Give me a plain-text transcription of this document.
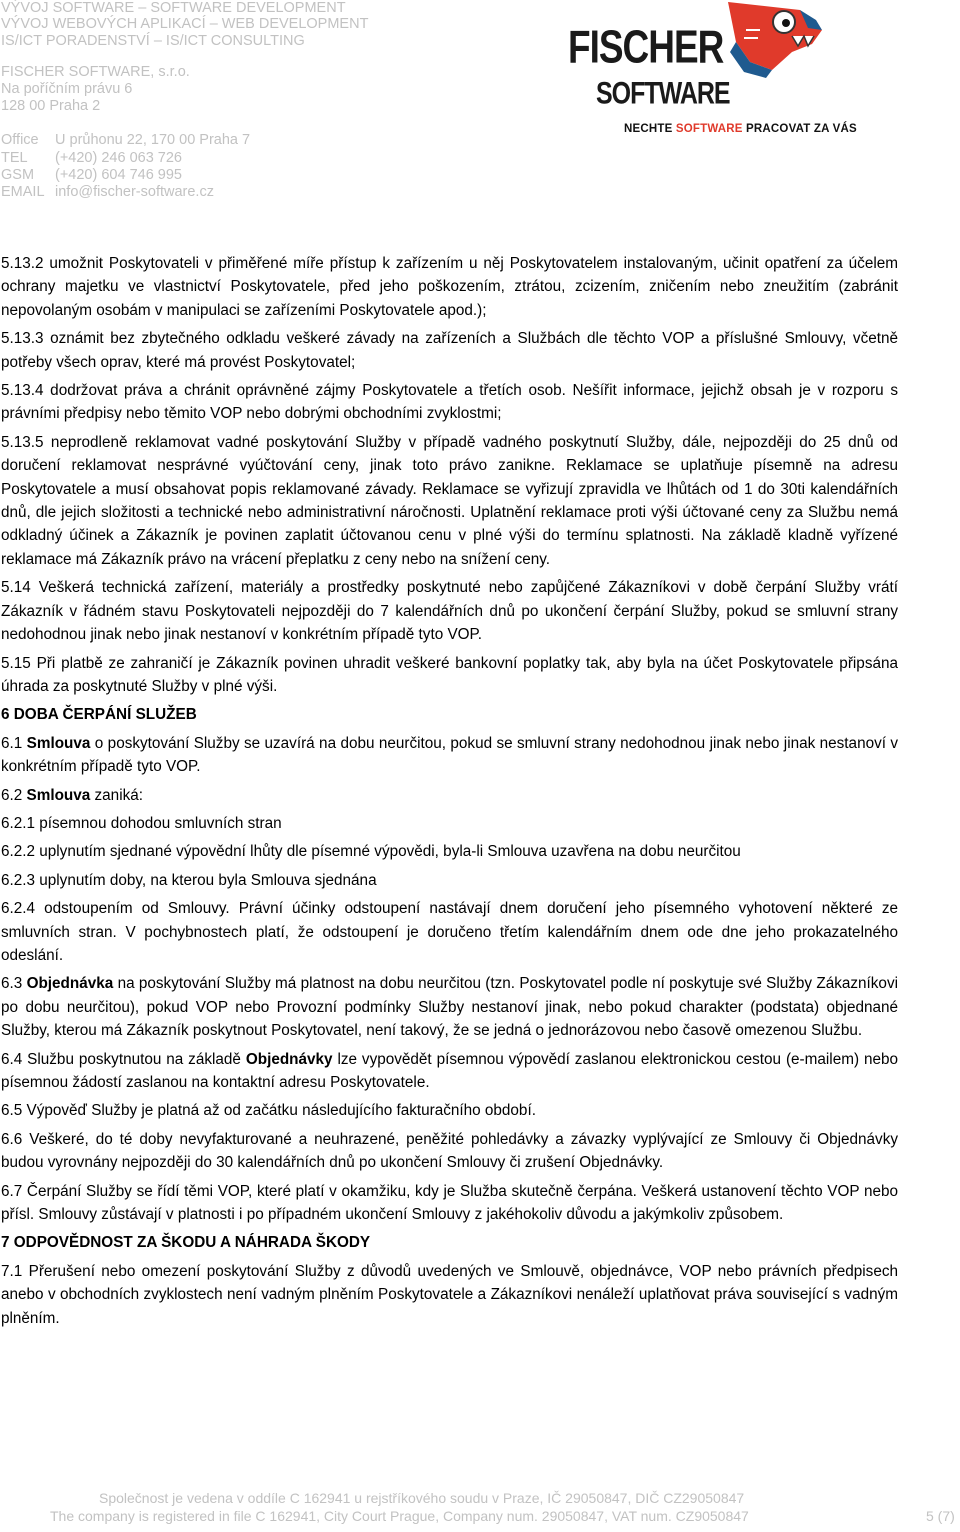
VÝVOJ SOFTWARE – SOFTWARE DEVELOPMENT
VÝVOJ WEBOVÝCH APLIKACÍ – WEB DEVELOPMENT
IS/ICT PORADENSTVÍ – IS/ICT CONSULTING
FISCHER SOFTWARE, s.r.o.
Na poříčním právu 6
128 00 Praha 2
Office	U průhonu 22, 170 00 Praha 7
TEL	(+420) 246 063 726
GSM	(+420) 604 746 995
EMAIL info@fischer-software.cz
FISCHER
SOFTWARE
NECHTE SOFTWARE PRACOVAT ZA VÁS

5.13.2 umožnit Poskytovateli v přiměřené míře přístup k zařízením u něj Poskytovatelem instalovaným, učinit opatření za účelem ochrany majetku ve vlastnictví Poskytovatele, před jeho poškozením, ztrátou, zcizením, zničením nebo zneužitím (zabránit nepovolaným osobám v manipulaci se zařízeními Poskytovatele apod.);

5.13.3 oznámit bez zbytečného odkladu veškeré závady na zařízeních a Službách dle těchto VOP a příslušné Smlouvy, včetně potřeby všech oprav, které má provést Poskytovatel;

5.13.4 dodržovat práva a chránit oprávněné zájmy Poskytovatele a třetích osob. Nešířit informace, jejichž obsah je v rozporu s právními předpisy nebo těmito VOP nebo dobrými obchodními zvyklostmi;

5.13.5 neprodleně reklamovat vadné poskytování Služby v případě vadného poskytnutí Služby, dále, nejpozději do 25 dnů od doručení reklamovat nesprávné vyúčtování ceny, jinak toto právo zanikne. Reklamace se uplatňuje písemně na adresu Poskytovatele a musí obsahovat popis reklamované závady. Reklamace se vyřizují zpravidla ve lhůtách od 1 do 30ti kalendářních dnů, dle jejich složitosti a technické nebo administrativní náročnosti. Uplatnění reklamace proti výši účtované ceny za Službu nemá odkladný účinek a Zákazník je povinen zaplatit účtovanou cenu v plné výši do termínu splatnosti. Na základě kladně vyřízené reklamace má Zákazník právo na vrácení přeplatku z ceny nebo na snížení ceny.

5.14 Veškerá technická zařízení, materiály a prostředky poskytnuté nebo zapůjčené Zákazníkovi v době čerpání Služby vrátí Zákazník v řádném stavu Poskytovateli nejpozději do 7 kalendářních dnů po ukončení čerpání Služby, pokud se smluvní strany nedohodnou jinak nebo jinak nestanoví v konkrétním případě tyto VOP.

5.15 Při platbě ze zahraničí je Zákazník povinen uhradit veškeré bankovní poplatky tak, aby byla na účet Poskytovatele připsána úhrada za poskytnuté Služby v plné výši.

6 DOBA ČERPÁNÍ SLUŽEB

6.1 Smlouva o poskytování Služby se uzavírá na dobu neurčitou, pokud se smluvní strany nedohodnou jinak nebo jinak nestanoví v konkrétním případě tyto VOP.

6.2 Smlouva zaniká:

6.2.1 písemnou dohodou smluvních stran

6.2.2 uplynutím sjednané výpovědní lhůty dle písemné výpovědi, byla-li Smlouva uzavřena na dobu neurčitou

6.2.3 uplynutím doby, na kterou byla Smlouva sjednána

6.2.4 odstoupením od Smlouvy. Právní účinky odstoupení nastávají dnem doručení jeho písemného vyhotovení některé ze smluvních stran. V pochybnostech platí, že odstoupení je doručeno třetím kalendářním dnem ode dne jeho prokazatelného odeslání.

6.3 Objednávka na poskytování Služby má platnost na dobu neurčitou (tzn. Poskytovatel podle ní poskytuje své Služby Zákazníkovi po dobu neurčitou), pokud VOP nebo Provozní podmínky Služby nestanoví jinak, nebo pokud charakter (podstata) objednané Služby, kterou má Zákazník poskytnout Poskytovatel, není takový, že se jedná o jednorázovou nebo časově omezenou Službu.

6.4 Službu poskytnutou na základě Objednávky lze vypovědět písemnou výpovědí zaslanou elektronickou cestou (e-mailem) nebo písemnou žádostí zaslanou na kontaktní adresu Poskytovatele.

6.5 Výpověď Služby je platná až od začátku následujícího fakturačního období.

6.6 Veškeré, do té doby nevyfakturované a neuhrazené, peněžité pohledávky a závazky vyplývající ze Smlouvy či Objednávky budou vyrovnány nejpozději do 30 kalendářních dnů po ukončení Smlouvy či zrušení Objednávky.

6.7 Čerpání Služby se řídí těmi VOP, které platí v okamžiku, kdy je Služba skutečně čerpána. Veškerá ustanovení těchto VOP nebo přísl. Smlouvy zůstávají v platnosti i po případném ukončení Smlouvy z jakéhokoliv důvodu a jakýmkoliv způsobem.

7 ODPOVĚDNOST ZA ŠKODU A NÁHRADA ŠKODY

7.1 Přerušení nebo omezení poskytování Služby z důvodů uvedených ve Smlouvě, objednávce, VOP nebo právních předpisech anebo v obchodních zvyklostech není vadným plněním Poskytovatele a Zákazníkovi nenáleží uplatňovat práva související s vadným plněním.

Společnost je vedena v oddíle C 162941 u rejstříkového soudu v Praze, IČ 29050847, DIČ CZ29050847
The company is registered in file C 162941, City Court Prague, Company num. 29050847, VAT num. CZ9050847	5 (7)
